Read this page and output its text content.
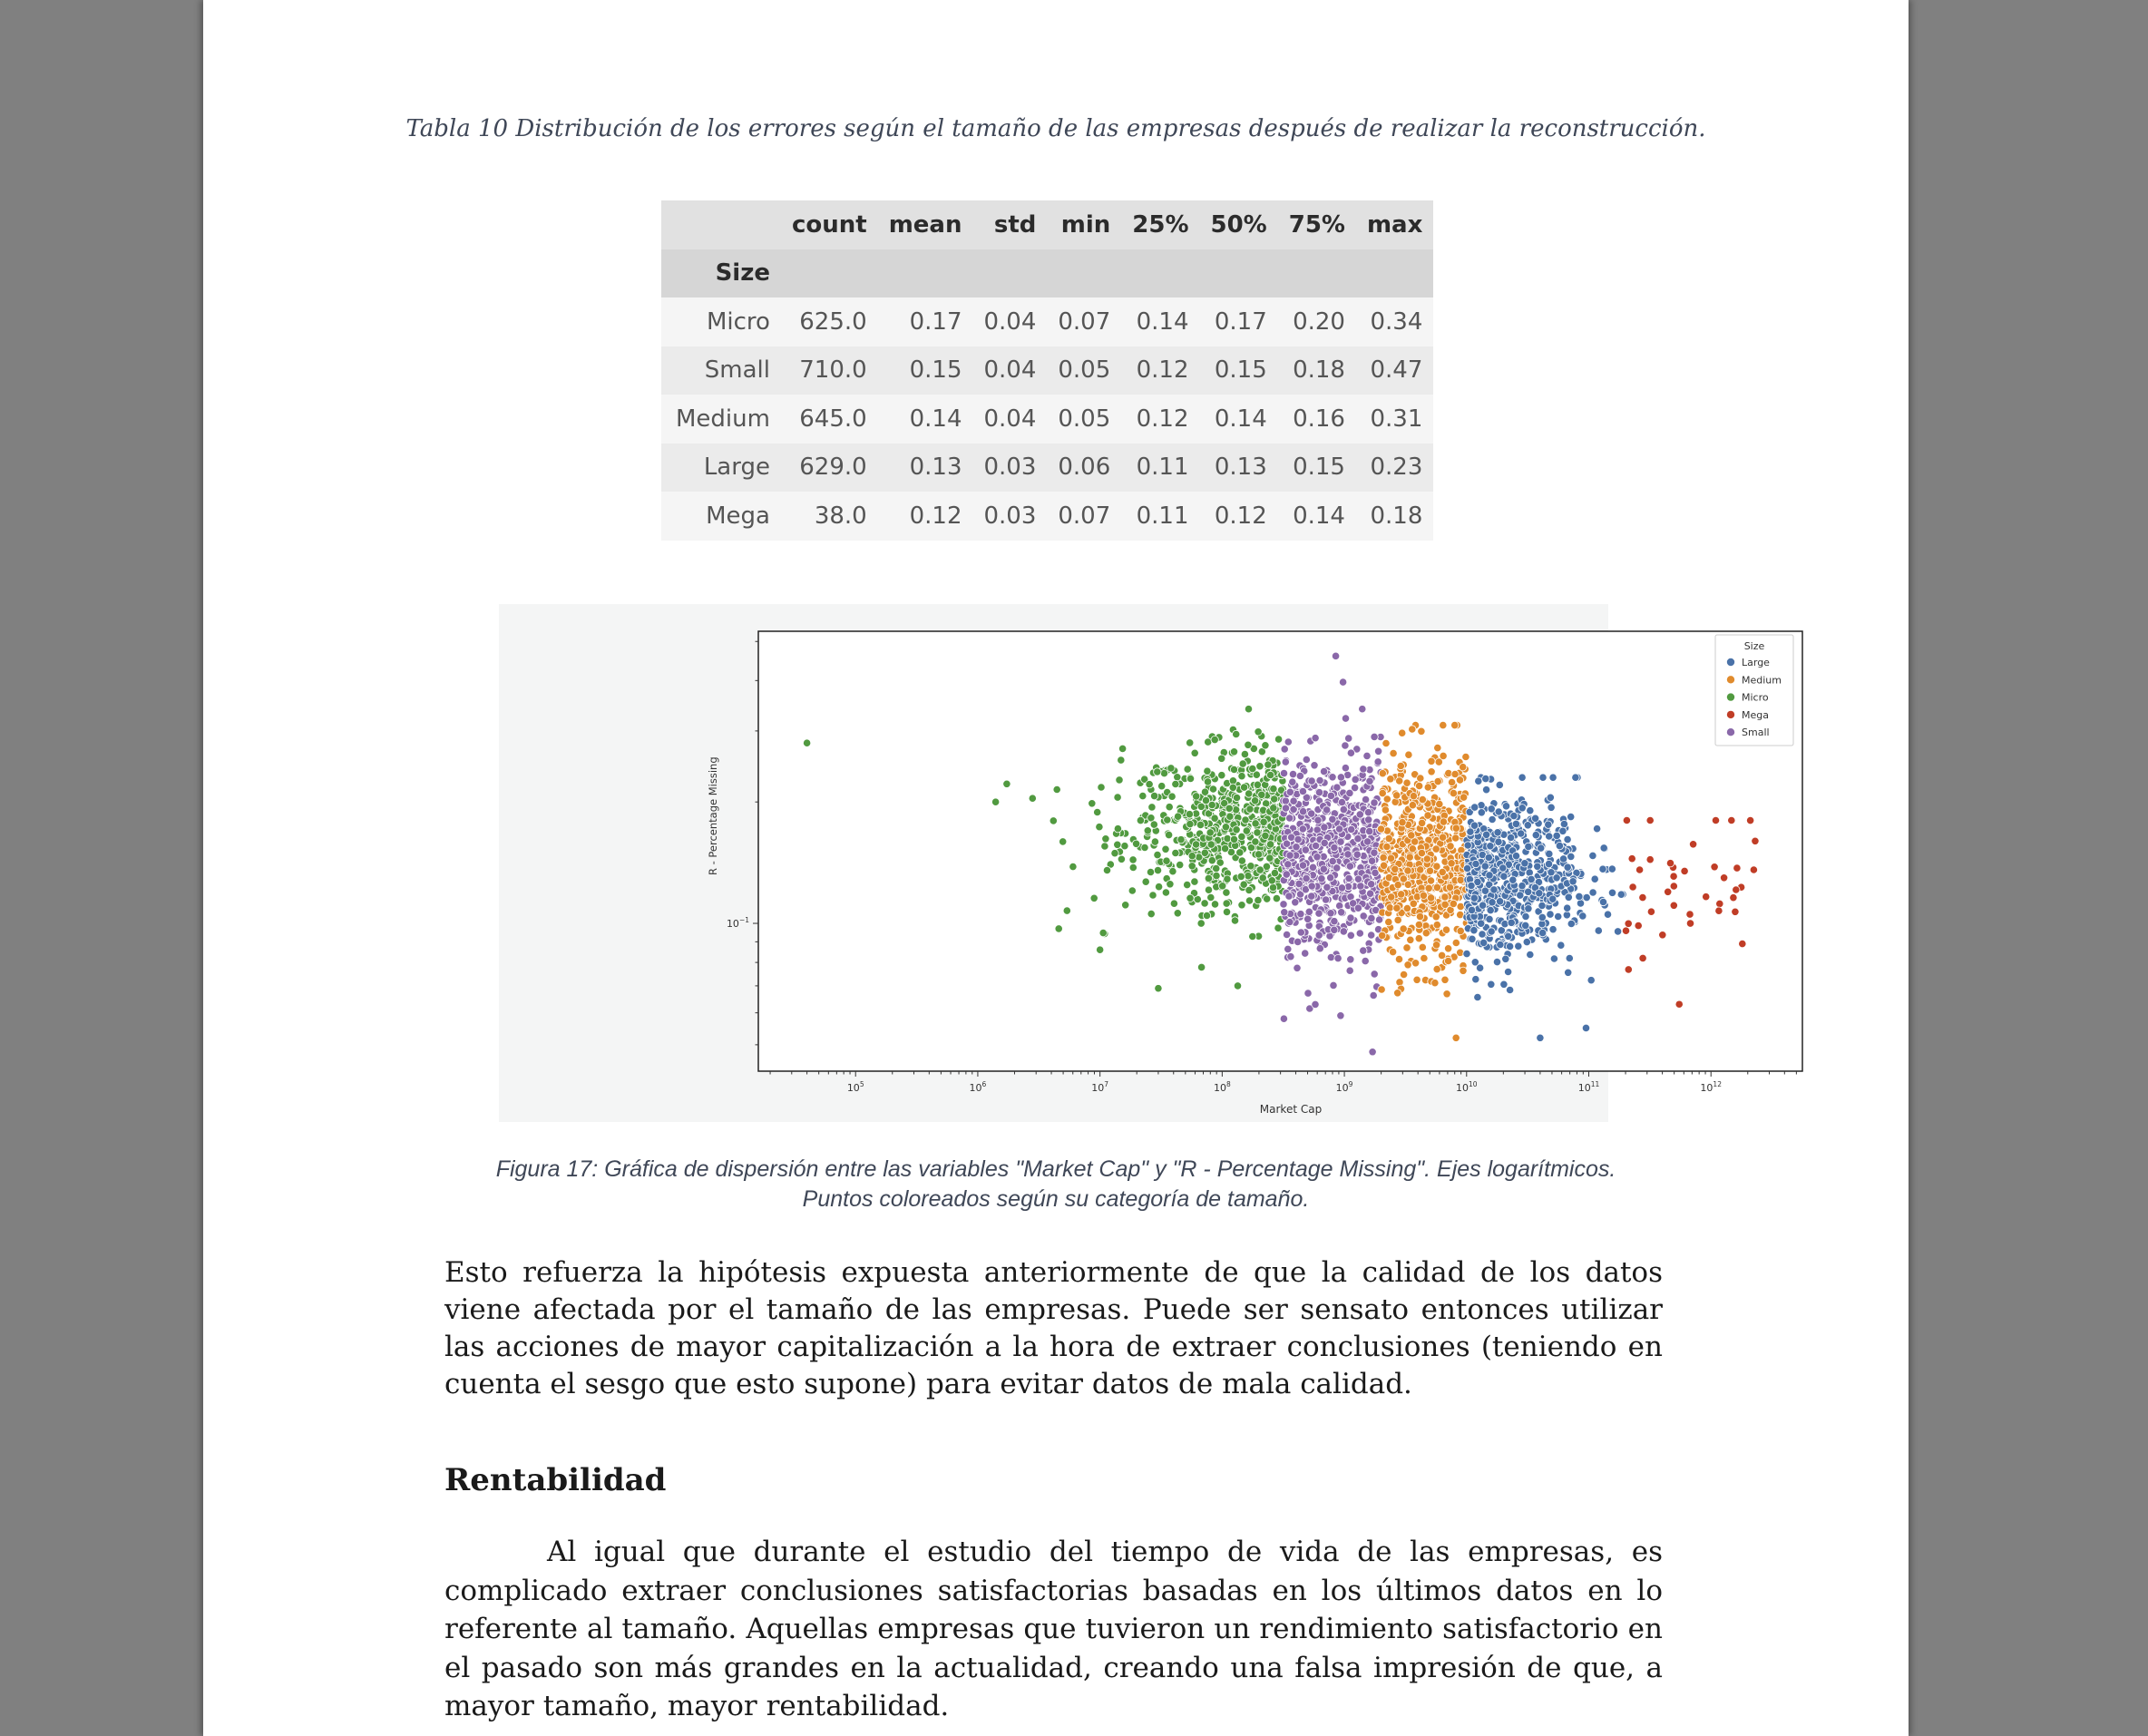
Tabla 10 Distribución de los errores según el tamaño de las empresas después de realizar la reconstrucción.
	count	mean	std	min	25%	50%	75%	max
Size								
Micro	625.0	0.17	0.04	0.07	0.14	0.17	0.20	0.34
Small	710.0	0.15	0.04	0.05	0.12	0.15	0.18	0.47
Medium	645.0	0.14	0.04	0.05	0.12	0.14	0.16	0.31
Large	629.0	0.13	0.03	0.06	0.11	0.13	0.15	0.23
Mega	38.0	0.12	0.03	0.07	0.11	0.12	0.14	0.18
$10^5$	$10^6$	$10^7$	$10^8$	$10^9$	$10^{10}$	$10^{11}$	$10^{12}$
Market Cap
$10^{-1}$
R - Percentage Missing
Size
Large
Medium
Micro
Mega
Small
Figura 17: Gráfica de dispersión entre las variables "Market Cap" y "R - Percentage Missing". Ejes logarítmicos.
Puntos coloreados según su categoría de tamaño.

Esto refuerza la hipótesis expuesta anteriormente de que la calidad de los datos viene afectada por el tamaño de las empresas. Puede ser sensato entonces utilizar las acciones de mayor capitalización a la hora de extraer conclusiones (teniendo en cuenta el sesgo que esto supone) para evitar datos de mala calidad.

Rentabilidad

Al igual que durante el estudio del tiempo de vida de las empresas, es complicado extraer conclusiones satisfactorias basadas en los últimos datos en lo referente al tamaño. Aquellas empresas que tuvieron un rendimiento satisfactorio en el pasado son más grandes en la actualidad, creando una falsa impresión de que, a mayor tamaño, mayor rentabilidad.
